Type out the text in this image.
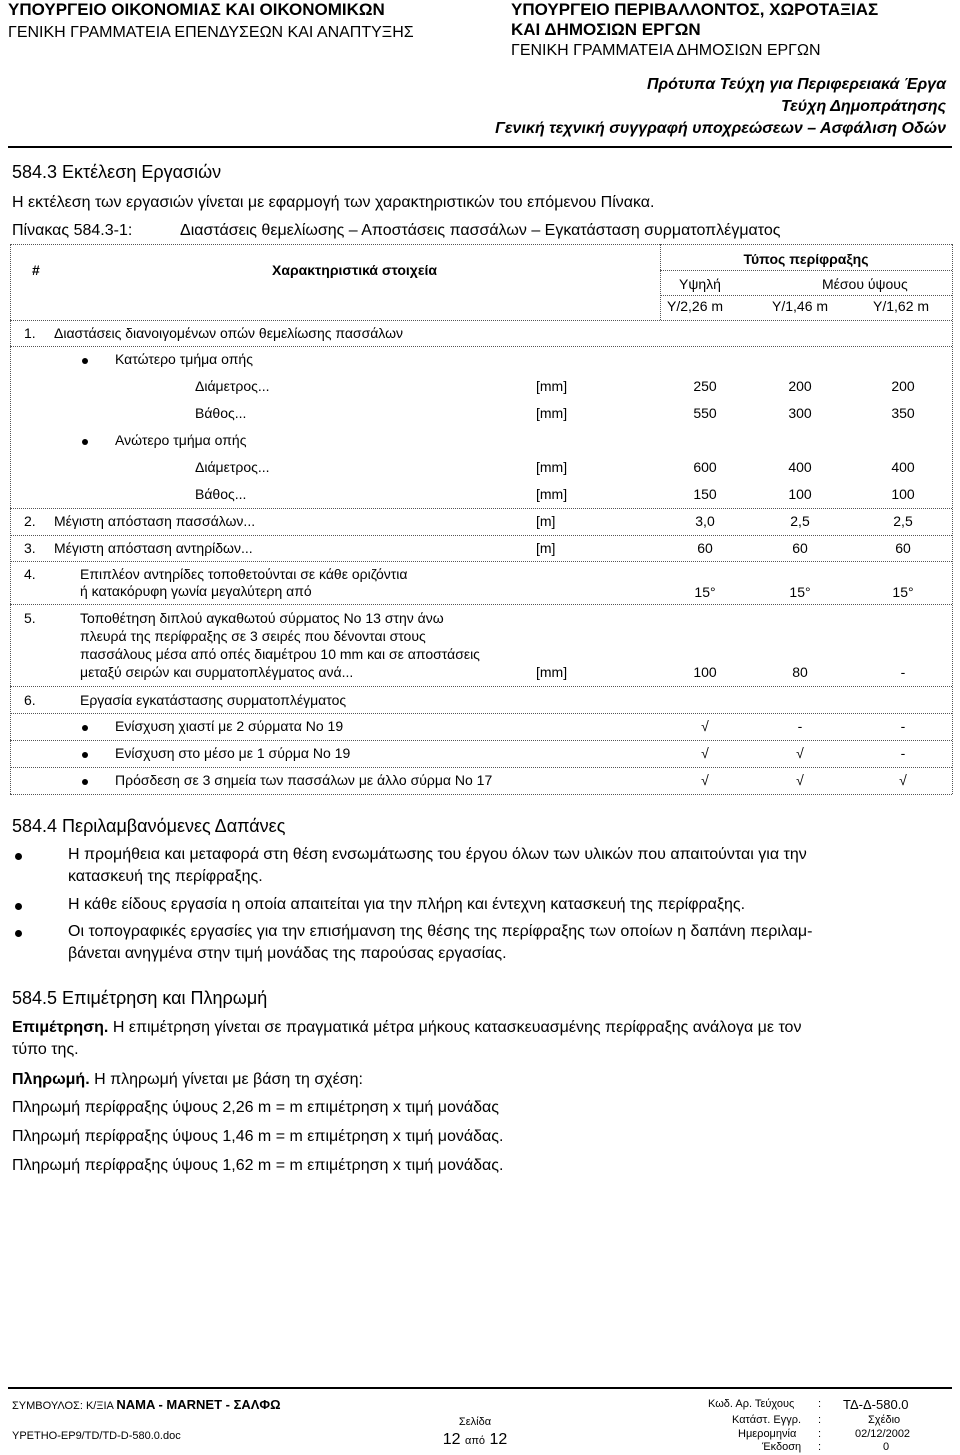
ΥΠΟΥΡΓΕΙΟ ΟΙΚΟΝΟΜΙΑΣ ΚΑΙ ΟΙΚΟΝΟΜΙΚΩΝ
ΓΕΝΙΚΗ ΓΡΑΜΜΑΤΕΙΑ ΕΠΕΝΔΥΣΕΩΝ ΚΑΙ ΑΝΑΠΤΥΞΗΣ
ΥΠΟΥΡΓΕΙΟ ΠΕΡΙΒΑΛΛΟΝΤΟΣ, ΧΩΡΟΤΑΞΙΑΣ
ΚΑΙ ΔΗΜΟΣΙΩΝ ΕΡΓΩΝ
ΓΕΝΙΚΗ ΓΡΑΜΜΑΤΕΙΑ ΔΗΜΟΣΙΩΝ ΕΡΓΩΝ
Πρότυπα Τεύχη για Περιφερειακά Έργα
Τεύχη Δημοπράτησης
Γενική τεχνική συγγραφή υποχρεώσεων – Ασφάλιση Οδών
584.3 Εκτέλεση Εργασιών
Η εκτέλεση των εργασιών γίνεται με εφαρμογή των χαρακτηριστικών του επόμενου Πίνακα.
Πίνακας 584.3-1:	Διαστάσεις θεμελίωσης – Αποστάσεις πασσάλων – Εγκατάσταση συρματοπλέγματος
#	Χαρακτηριστικά στοιχεία
Τύπος περίφραξης
Υψηλή	Μέσου ύψους
Υ/2,26 m	Υ/1,46 m	Υ/1,62 m
1. Διαστάσεις διανοιγομένων οπών θεμελίωσης πασσάλων
Κατώτερο τμήμα οπής
Διάμετρος...	[mm]	250	200	200
Βάθος...	[mm]	550	300	350
Ανώτερο τμήμα οπής
Διάμετρος...	[mm]	600	400	400
Βάθος...	[mm]	150	100	100
2. Μέγιστη απόσταση πασσάλων...	[m]	3,0	2,5	2,5
3. Μέγιστη απόσταση αντηρίδων...	[m]	60	60	60
4.	Επιπλέον αντηρίδες τοποθετούνται σε κάθε οριζόντια
ή κατακόρυφη γωνία μεγαλύτερη από	15°	15°	15°
5.	Τοποθέτηση διπλού αγκαθωτού σύρματος Νο 13 στην άνω
πλευρά της περίφραξης σε 3 σειρές που δένονται στους
πασσάλους μέσα από οπές διαμέτρου 10 mm και σε αποστάσεις
μεταξύ σειρών και συρματοπλέγματος ανά...	[mm]	100	80	-
6.	Εργασία εγκατάστασης συρματοπλέγματος
Ενίσχυση χιαστί με 2 σύρματα Νο 19	√	-	-
Ενίσχυση στο μέσο με 1 σύρμα Νο 19	√	√	-
Πρόσδεση σε 3 σημεία των πασσάλων με άλλο σύρμα Νο 17	√	√	√
584.4 Περιλαμβανόμενες Δαπάνες
Η προμήθεια και μεταφορά στη θέση ενσωμάτωσης του έργου όλων των υλικών που απαιτούνται για την
κατασκευή της περίφραξης.
Η κάθε είδους εργασία η οποία απαιτείται για την πλήρη και έντεχνη κατασκευή της περίφραξης.
Οι τοπογραφικές εργασίες για την επισήμανση της θέσης της περίφραξης των οποίων η δαπάνη περιλαμ-
βάνεται ανηγμένα στην τιμή μονάδας της παρούσας εργασίας.
584.5 Επιμέτρηση και Πληρωμή
Επιμέτρηση. Η επιμέτρηση γίνεται σε πραγματικά μέτρα μήκους κατασκευασμένης περίφραξης ανάλογα με τον
τύπο της.
Πληρωμή. Η πληρωμή γίνεται με βάση τη σχέση:
Πληρωμή περίφραξης ύψους 2,26 m = m επιμέτρηση x τιμή μονάδας
Πληρωμή περίφραξης ύψους 1,46 m = m επιμέτρηση x τιμή μονάδας.
Πληρωμή περίφραξης ύψους 1,62 m = m επιμέτρηση x τιμή μονάδας.
ΣΥΜΒΟΥΛΟΣ: Κ/ΞΙΑ NAMA - MARNET - ΣΑΛΦΩ
ΥΡΕΤΗΟ-ΕΡ9/TD/TD-D-580.0.doc
Σελίδα
12 από 12
Κωδ. Αρ. Τεύχους : ΤΔ-Δ-580.0
Κατάστ. Εγγρ. :	Σχέδιο
Ημερομηνία :	02/12/2002
Έκδοση :	0
